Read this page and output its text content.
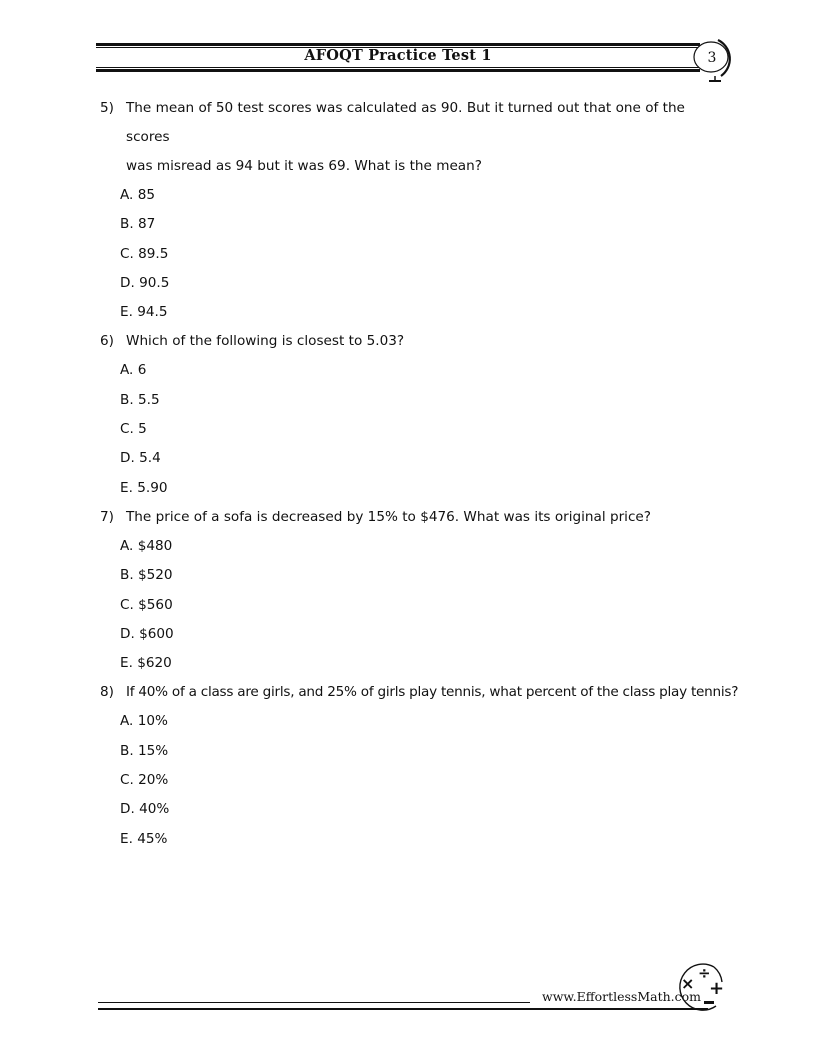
AFOQT Practice Test 1	3
5) The mean of 50 test scores was calculated as 90. But it turned out that one of the scores
was misread as 94 but it was 69. What is the mean?
A. 85
B. 87
C. 89.5
D. 90.5
E. 94.5
6) Which of the following is closest to 5.03?
A. 6
B. 5.5
C. 5
D. 5.4
E. 5.90
7) The price of a sofa is decreased by 15% to $476. What was its original price?
A. $480
B. $520
C. $560
D. $600
E. $620
8) If 40% of a class are girls, and 25% of girls play tennis, what percent of the class play tennis?
A. 10%
B. 15%
C. 20%
D. 40%
E. 45%
www.EffortlessMath.com
×
÷
+
